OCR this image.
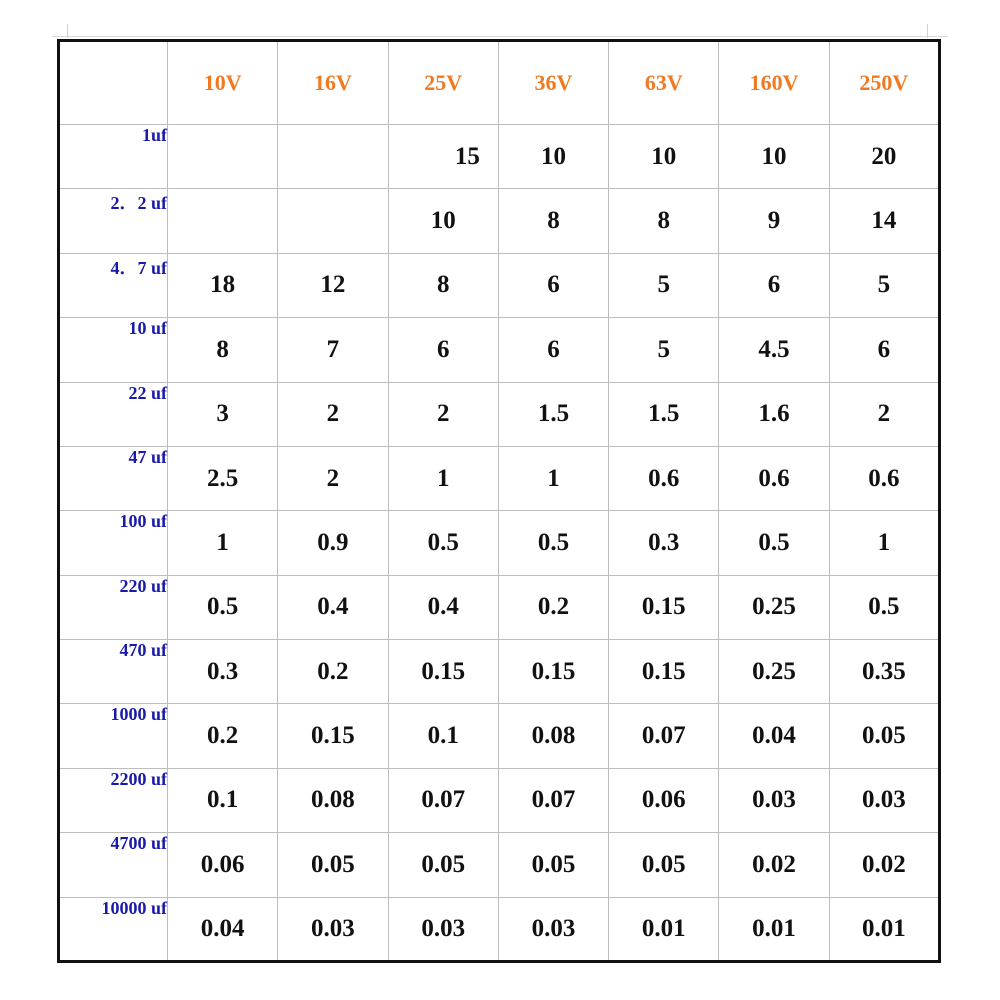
	10V	16V	25V	36V	63V	160V	250V
1uf			15	10	10	10	20
2．2 uf			10	8	8	9	14
4．7 uf	18	12	8	6	5	6	5
10 uf	8	7	6	6	5	4.5	6
22 uf	3	2	2	1.5	1.5	1.6	2
47 uf	2.5	2	1	1	0.6	0.6	0.6
100 uf	1	0.9	0.5	0.5	0.3	0.5	1
220 uf	0.5	0.4	0.4	0.2	0.15	0.25	0.5
470 uf	0.3	0.2	0.15	0.15	0.15	0.25	0.35
1000 uf	0.2	0.15	0.1	0.08	0.07	0.04	0.05
2200 uf	0.1	0.08	0.07	0.07	0.06	0.03	0.03
4700 uf	0.06	0.05	0.05	0.05	0.05	0.02	0.02
10000 uf	0.04	0.03	0.03	0.03	0.01	0.01	0.01
